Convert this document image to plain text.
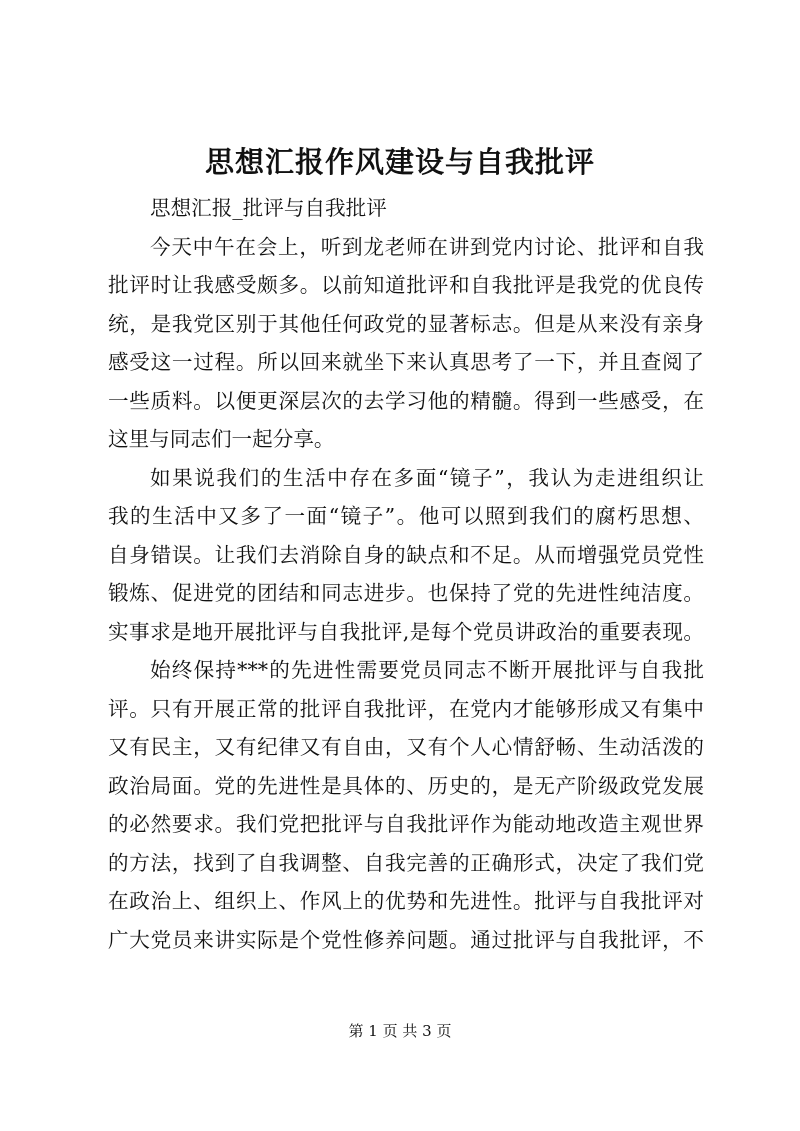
思想汇报作风建设与自我批评
思想汇报_批评与自我批评
今天中午在会上，听到龙老师在讲到党内讨论、批评和自我
批评时让我感受颇多。以前知道批评和自我批评是我党的优良传
统，是我党区别于其他任何政党的显著标志。但是从来没有亲身
感受这一过程。所以回来就坐下来认真思考了一下，并且查阅了
一些质料。以便更深层次的去学习他的精髓。得到一些感受，在
这里与同志们一起分享。
如果说我们的生活中存在多面“镜子”，我认为走进组织让
我的生活中又多了一面“镜子”。他可以照到我们的腐朽思想、
自身错误。让我们去消除自身的缺点和不足。从而增强党员党性
锻炼、促进党的团结和同志进步。也保持了党的先进性纯洁度。
实事求是地开展批评与自我批评,是每个党员讲政治的重要表现。
始终保持***的先进性需要党员同志不断开展批评与自我批
评。只有开展正常的批评自我批评，在党内才能够形成又有集中
又有民主，又有纪律又有自由，又有个人心情舒畅、生动活泼的
政治局面。党的先进性是具体的、历史的，是无产阶级政党发展
的必然要求。我们党把批评与自我批评作为能动地改造主观世界
的方法，找到了自我调整、自我完善的正确形式，决定了我们党
在政治上、组织上、作风上的优势和先进性。批评与自我批评对
广大党员来讲实际是个党性修养问题。通过批评与自我批评，不
第 1 页 共 3 页
